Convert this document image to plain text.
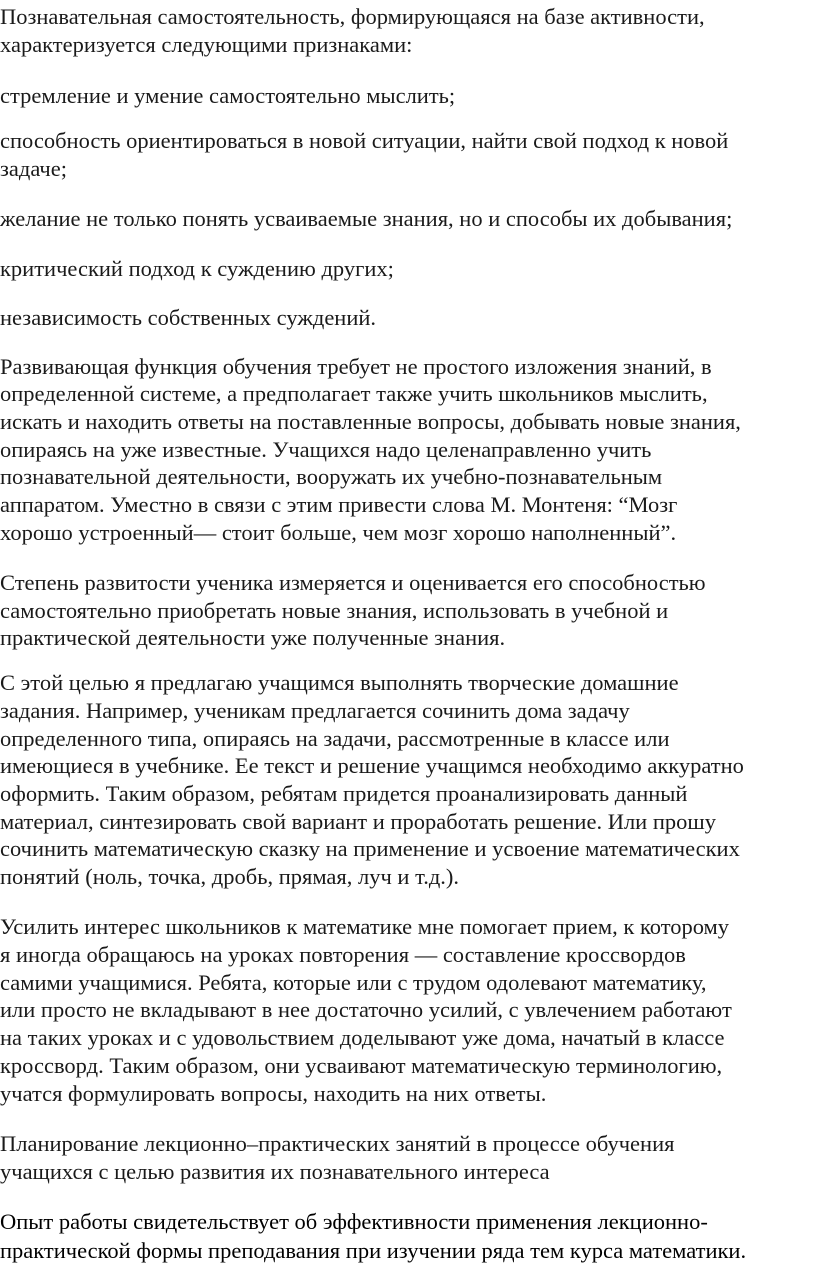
Познавательная самостоятельность, формирующаяся на базе активности,

характеризуется следующими признаками:

стремление и умение самостоятельно мыслить;

способность ориентироваться в новой ситуации, найти свой подход к новой

задаче;

желание не только понять усваиваемые знания, но и способы их добывания;

критический подход к суждению других;

независимость собственных суждений.

Развивающая функция обучения требует не простого изложения знаний, в

определенной системе, а предполагает также учить школьников мыслить,

искать и находить ответы на поставленные вопросы, добывать новые знания,

опираясь на уже известные. Учащихся надо целенаправленно учить

познавательной деятельности, вооружать их учебно-познавательным

аппаратом. Уместно в связи с этим привести слова М. Монтеня: “Мозг

хорошо устроенный— стоит больше, чем мозг хорошо наполненный”.

Степень развитости ученика измеряется и оценивается его способностью

самостоятельно приобретать новые знания, использовать в учебной и

практической деятельности уже полученные знания.

С этой целью я предлагаю учащимся выполнять творческие домашние

задания. Например, ученикам предлагается сочинить дома задачу

определенного типа, опираясь на задачи, рассмотренные в классе или

имеющиеся в учебнике. Ее текст и решение учащимся необходимо аккуратно

оформить. Таким образом, ребятам придется проанализировать данный

материал, синтезировать свой вариант и проработать решение. Или прошу

сочинить математическую сказку на применение и усвоение математических

понятий (ноль, точка, дробь, прямая, луч и т.д.).

Усилить интерес школьников к математике мне помогает прием, к которому

я иногда обращаюсь на уроках повторения — составление кроссвордов

самими учащимися. Ребята, которые или с трудом одолевают математику,

или просто не вкладывают в нее достаточно усилий, с увлечением работают

на таких уроках и с удовольствием доделывают уже дома, начатый в классе

кроссворд. Таким образом, они усваивают математическую терминологию,

учатся формулировать вопросы, находить на них ответы.

Планирование лекционно–практических занятий в процессе обучения

учащихся с целью развития их познавательного интереса

Опыт работы свидетельствует об эффективности применения лекционно-

практической формы преподавания при изучении ряда тем курса математики.
